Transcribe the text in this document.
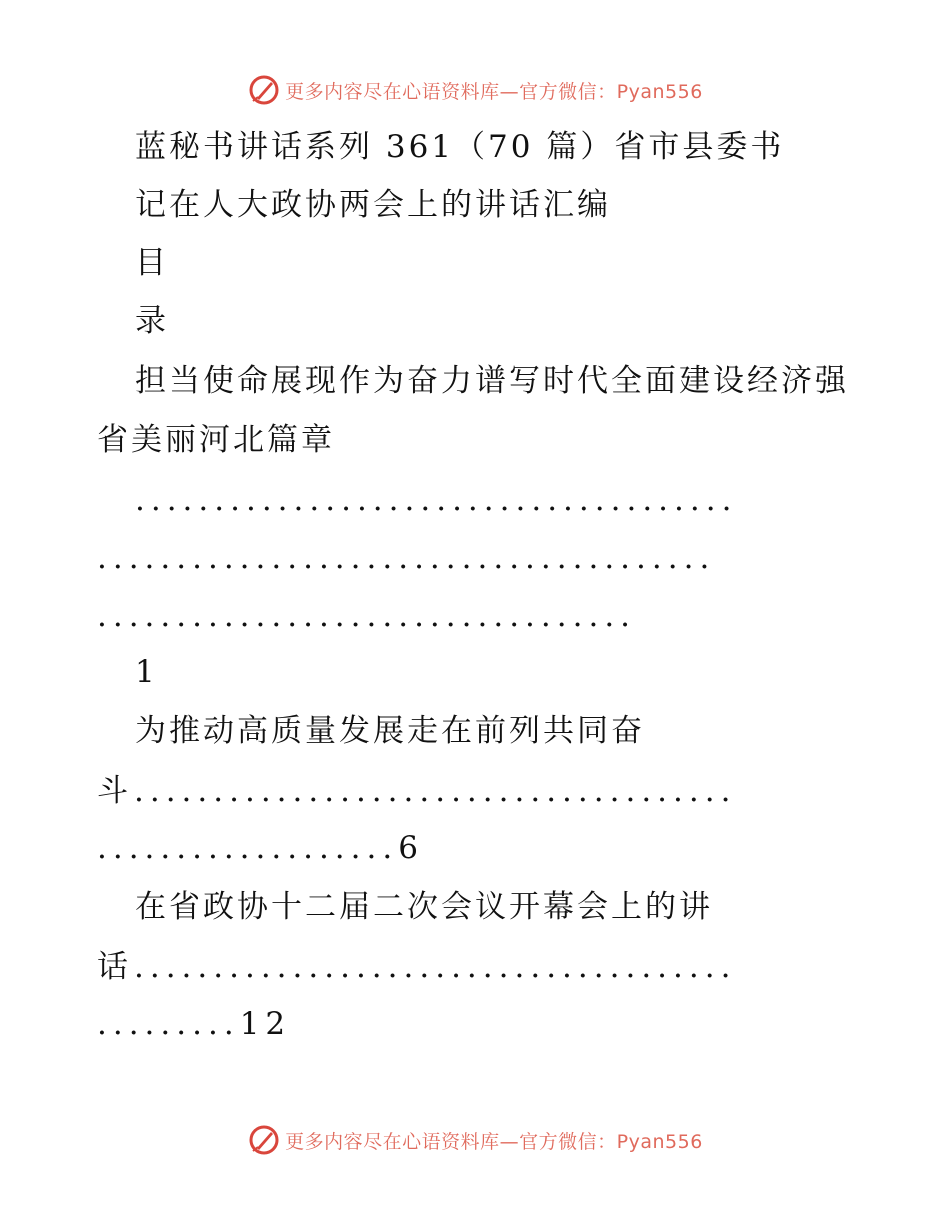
更多内容尽在心语资料库—官方微信：Pyan556
蓝秘书讲话系列 361（70 篇）省市县委书
记在人大政协两会上的讲话汇编
目
录
担当使命展现作为奋力谱写时代全面建设经济强
省美丽河北篇章
......................................
.......................................
..................................
1
为推动高质量发展走在前列共同奋
斗......................................
...................6
在省政协十二届二次会议开幕会上的讲
话......................................
.........12
更多内容尽在心语资料库—官方微信：Pyan556
